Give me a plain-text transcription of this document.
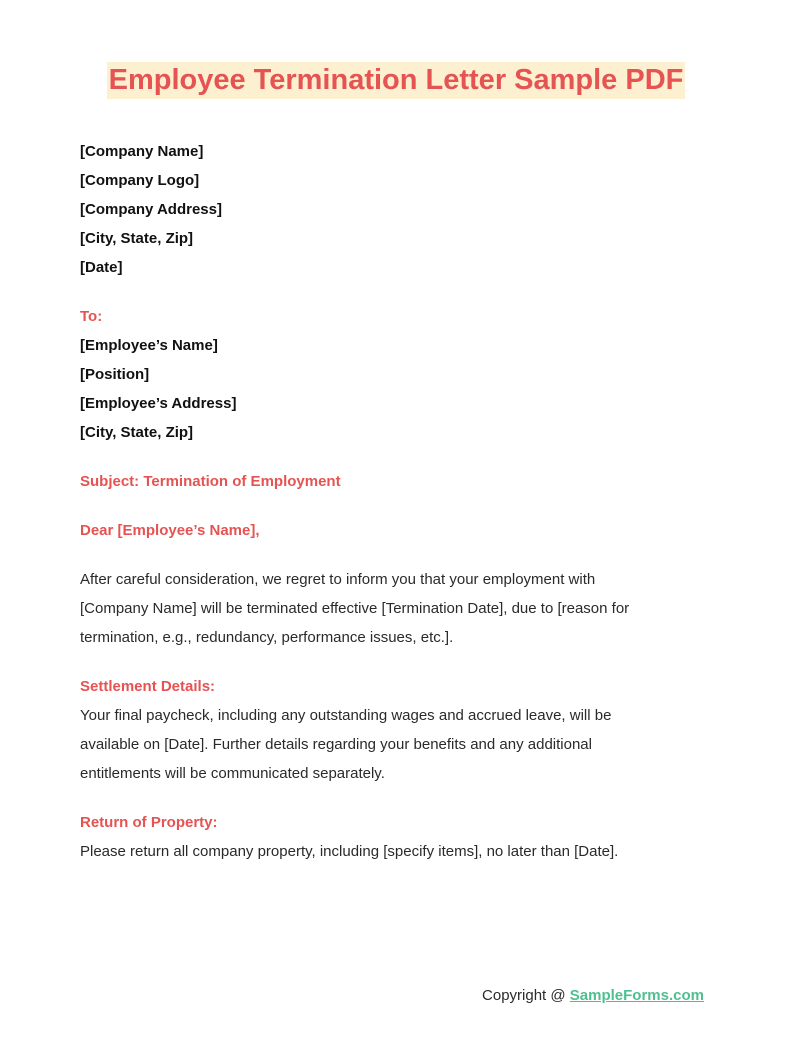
Employee Termination Letter Sample PDF
[Company Name]
[Company Logo]
[Company Address]
[City, State, Zip]
[Date]
To:
[Employee’s Name]
[Position]
[Employee’s Address]
[City, State, Zip]
Subject: Termination of Employment
Dear [Employee’s Name],
After careful consideration, we regret to inform you that your employment with
[Company Name] will be terminated effective [Termination Date], due to [reason for
termination, e.g., redundancy, performance issues, etc.].
Settlement Details:
Your final paycheck, including any outstanding wages and accrued leave, will be
available on [Date]. Further details regarding your benefits and any additional
entitlements will be communicated separately.
Return of Property:
Please return all company property, including [specify items], no later than [Date].
Copyright @ SampleForms.com
